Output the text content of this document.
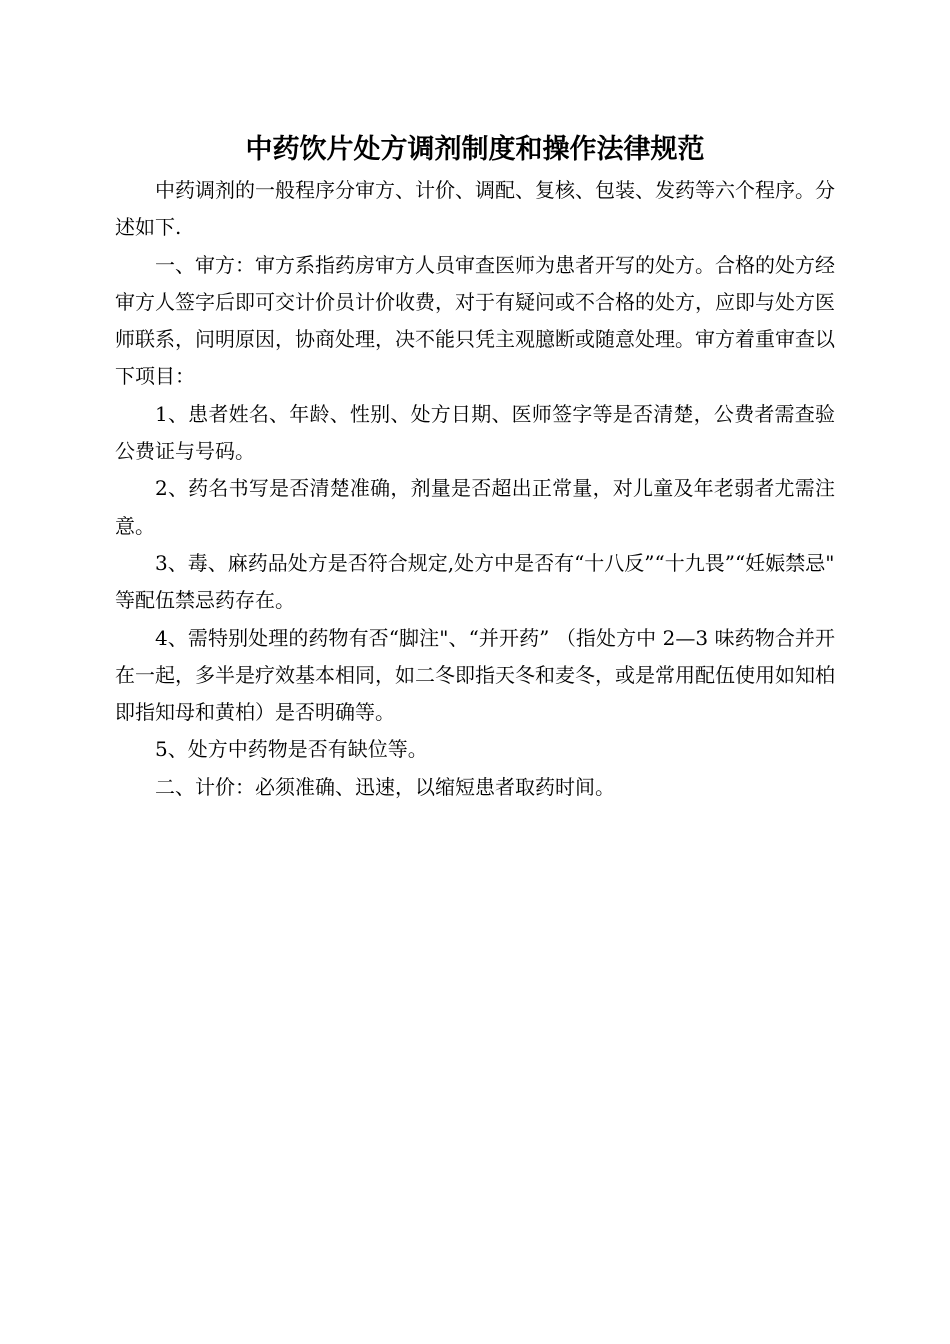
中药饮片处方调剂制度和操作法律规范

中药调剂的一般程序分审方、计价、调配、复核、包装、发药等六个程序。分述如下.

一、审方：审方系指药房审方人员审查医师为患者开写的处方。合格的处方经审方人签字后即可交计价员计价收费，对于有疑问或不合格的处方，应即与处方医师联系，问明原因，协商处理，决不能只凭主观臆断或随意处理。审方着重审查以下项目：

1、患者姓名、年龄、性别、处方日期、医师签字等是否清楚，公费者需查验公费证与号码。

2、药名书写是否清楚准确，剂量是否超出正常量，对儿童及年老弱者尤需注意。

3、毒、麻药品处方是否符合规定,处方中是否有“十八反”“十九畏”“妊娠禁忌"

等配伍禁忌药存在。

4、需特别处理的药物有否“脚注"、“并开药” （指处方中 2—3 味药物合并开在一起，多半是疗效基本相同，如二冬即指天冬和麦冬，或是常用配伍使用如知柏即指知母和黄柏）是否明确等。

5、处方中药物是否有缺位等。

二、计价：必须准确、迅速，以缩短患者取药时间。
